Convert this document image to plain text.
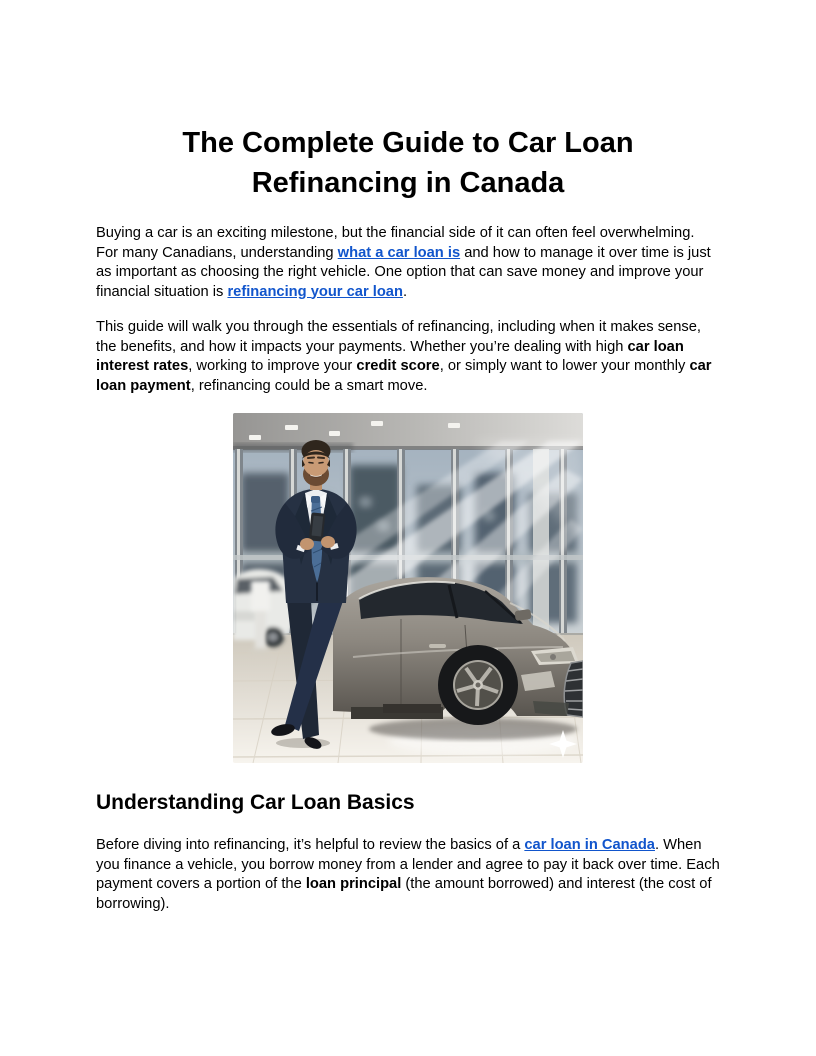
The Complete Guide to Car Loan Refinancing in Canada

Buying a car is an exciting milestone, but the financial side of it can often feel overwhelming. For many Canadians, understanding what a car loan is and how to manage it over time is just as important as choosing the right vehicle. One option that can save money and improve your financial situation is refinancing your car loan.

This guide will walk you through the essentials of refinancing, including when it makes sense, the benefits, and how it impacts your payments. Whether you’re dealing with high car loan interest rates, working to improve your credit score, or simply want to lower your monthly car loan payment, refinancing could be a smart move.

Understanding Car Loan Basics

Before diving into refinancing, it’s helpful to review the basics of a car loan in Canada. When you finance a vehicle, you borrow money from a lender and agree to pay it back over time. Each payment covers a portion of the loan principal (the amount borrowed) and interest (the cost of borrowing).
